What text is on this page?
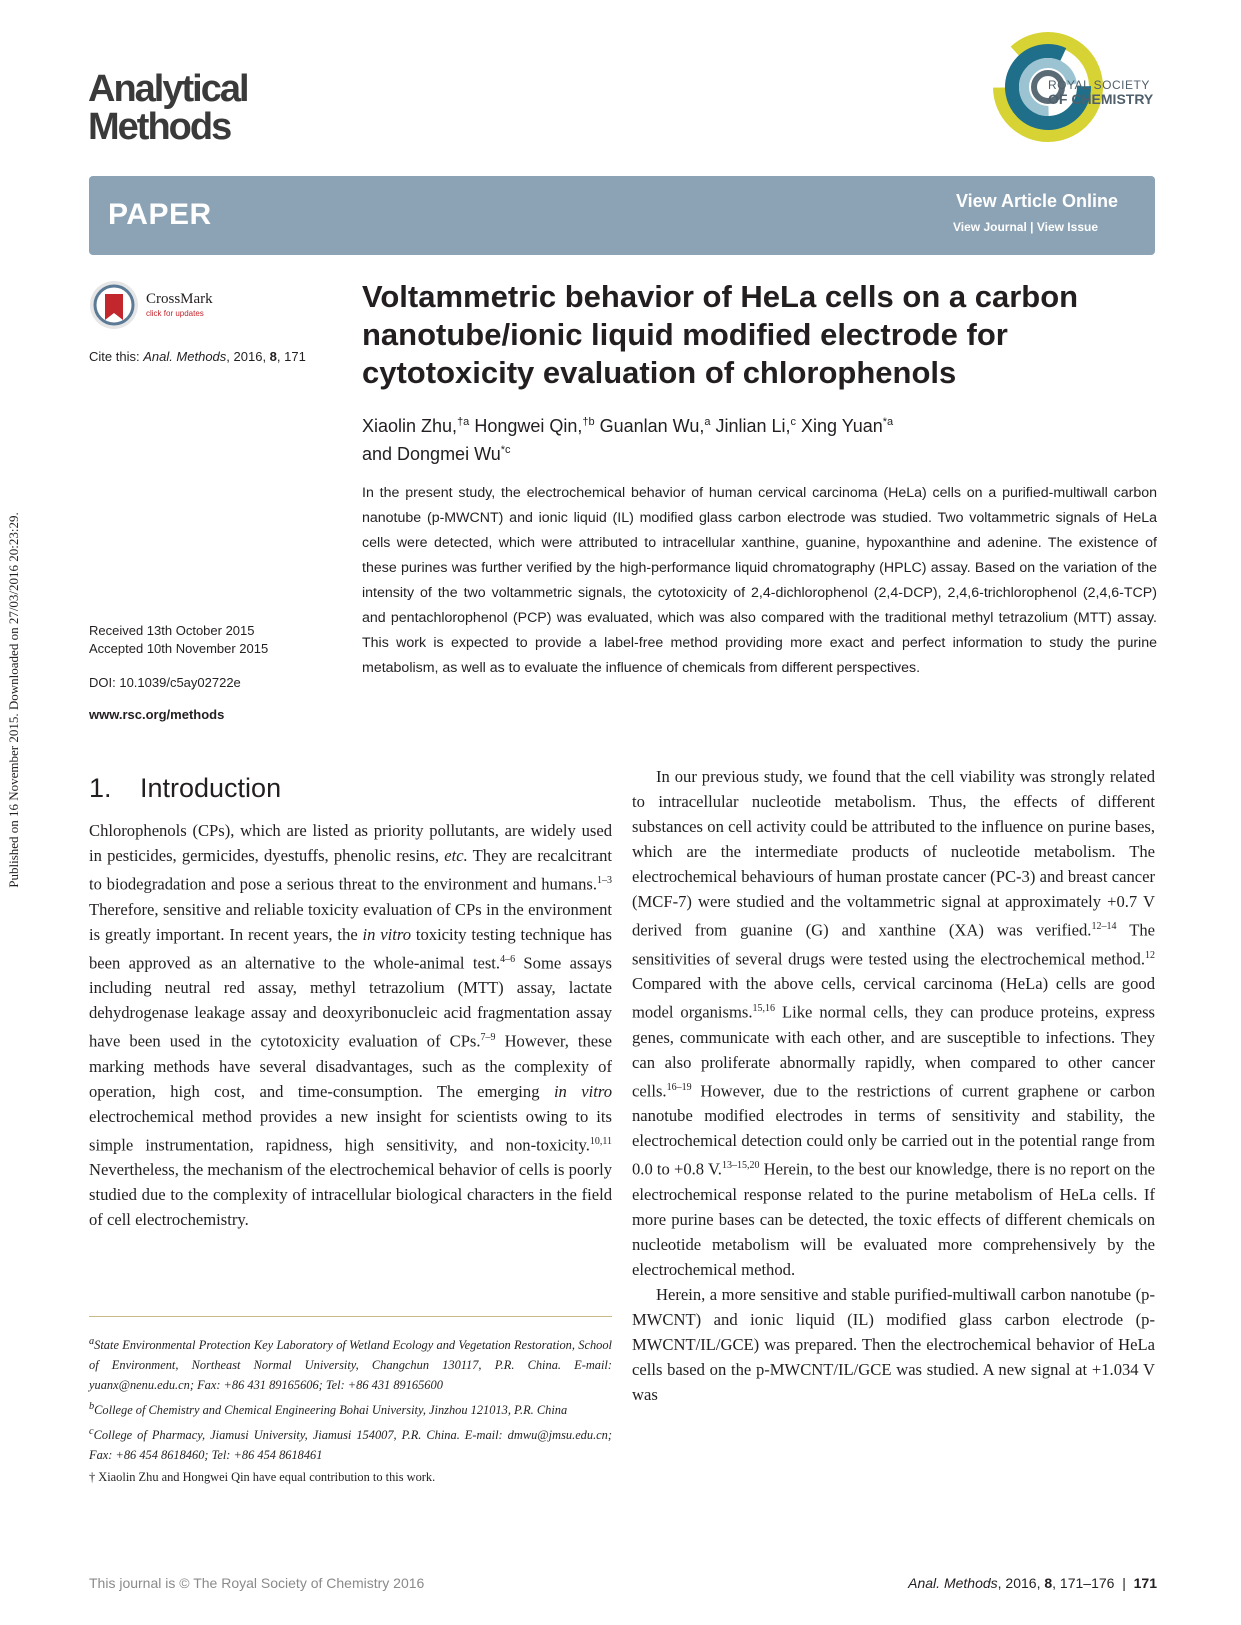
Published on 16 November 2015. Downloaded on 27/03/2016 20:23:29.
Analytical
Methods
ROYAL SOCIETY
OF CHEMISTRY
PAPER	View Article Online
View Journal | View Issue
CrossMark
click for updates
Cite this: Anal. Methods, 2016, 8, 171
Received 13th October 2015
Accepted 10th November 2015
DOI: 10.1039/c5ay02722e
www.rsc.org/methods
Voltammetric behavior of HeLa cells on a carbon nanotube/ionic liquid modified electrode for cytotoxicity evaluation of chlorophenols
Xiaolin Zhu,$^{\dagger a}$ Hongwei Qin,$^{\dagger b}$ Guanlan Wu,$^a$ Jinlian Li,$^c$ Xing Yuan$^{*a}$
and Dongmei Wu$^{*c}$
In the present study, the electrochemical behavior of human cervical carcinoma (HeLa) cells on a purified-multiwall carbon nanotube (p-MWCNT) and ionic liquid (IL) modified glass carbon electrode was studied. Two voltammetric signals of HeLa cells were detected, which were attributed to intracellular xanthine, guanine, hypoxanthine and adenine. The existence of these purines was further verified by the high-performance liquid chromatography (HPLC) assay. Based on the variation of the intensity of the two voltammetric signals, the cytotoxicity of 2,4-dichlorophenol (2,4-DCP), 2,4,6-trichlorophenol (2,4,6-TCP) and pentachlorophenol (PCP) was evaluated, which was also compared with the traditional methyl tetrazolium (MTT) assay. This work is expected to provide a label-free method providing more exact and perfect information to study the purine metabolism, as well as to evaluate the influence of chemicals from different perspectives.
1. Introduction

Chlorophenols (CPs), which are listed as priority pollutants, are widely used in pesticides, germicides, dyestuffs, phenolic resins, etc. They are recalcitrant to biodegradation and pose a serious threat to the environment and humans.$^{1-3}$ Therefore, sensitive and reliable toxicity evaluation of CPs in the environment is greatly important. In recent years, the in vitro toxicity testing technique has been approved as an alternative to the whole-animal test.$^{4-6}$ Some assays including neutral red assay, methyl tetrazolium (MTT) assay, lactate dehydrogenase leakage assay and deoxyribonucleic acid fragmentation assay have been used in the cytotoxicity evaluation of CPs.$^{7-9}$ However, these marking methods have several disadvantages, such as the complexity of operation, high cost, and time-consumption. The emerging in vitro electrochemical method provides a new insight for scientists owing to its simple instrumentation, rapidness, high sensitivity, and non-toxicity.$^{10,11}$ Nevertheless, the mechanism of the electrochemical behavior of cells is poorly studied due to the complexity of intracellular biological characters in the field of cell electrochemistry.

In our previous study, we found that the cell viability was strongly related to intracellular nucleotide metabolism. Thus, the effects of different substances on cell activity could be attributed to the influence on purine bases, which are the intermediate products of nucleotide metabolism. The electrochemical behaviours of human prostate cancer (PC-3) and breast cancer (MCF-7) were studied and the voltammetric signal at approximately +0.7 V derived from guanine (G) and xanthine (XA) was verified.$^{12-14}$ The sensitivities of several drugs were tested using the electrochemical method.$^{12}$ Compared with the above cells, cervical carcinoma (HeLa) cells are good model organisms.$^{15,16}$ Like normal cells, they can produce proteins, express genes, communicate with each other, and are susceptible to infections. They can also proliferate abnormally rapidly, when compared to other cancer cells.$^{16-19}$ However, due to the restrictions of current graphene or carbon nanotube modified electrodes in terms of sensitivity and stability, the electrochemical detection could only be carried out in the potential range from 0.0 to +0.8 V.$^{13-15,20}$ Herein, to the best our knowledge, there is no report on the electrochemical response related to the purine metabolism of HeLa cells. If more purine bases can be detected, the toxic effects of different chemicals on nucleotide metabolism will be evaluated more comprehensively by the electrochemical method.

Herein, a more sensitive and stable purified-multiwall carbon nanotube (p-MWCNT) and ionic liquid (IL) modified glass carbon electrode (p-MWCNT/IL/GCE) was prepared. Then the electrochemical behavior of HeLa cells based on the p-MWCNT/IL/GCE was studied. A new signal at +1.034 V was

$^a$State Environmental Protection Key Laboratory of Wetland Ecology and Vegetation Restoration, School of Environment, Northeast Normal University, Changchun 130117, P.R. China. E-mail: yuanx@nenu.edu.cn; Fax: +86 431 89165606; Tel: +86 431 89165600

$^b$College of Chemistry and Chemical Engineering Bohai University, Jinzhou 121013, P.R. China

$^c$College of Pharmacy, Jiamusi University, Jiamusi 154007, P.R. China. E-mail: dmwu@jmsu.edu.cn; Fax: +86 454 8618460; Tel: +86 454 8618461

† Xiaolin Zhu and Hongwei Qin have equal contribution to this work.

This journal is © The Royal Society of Chemistry 2016	Anal. Methods, 2016, 8, 171–176  |  171
